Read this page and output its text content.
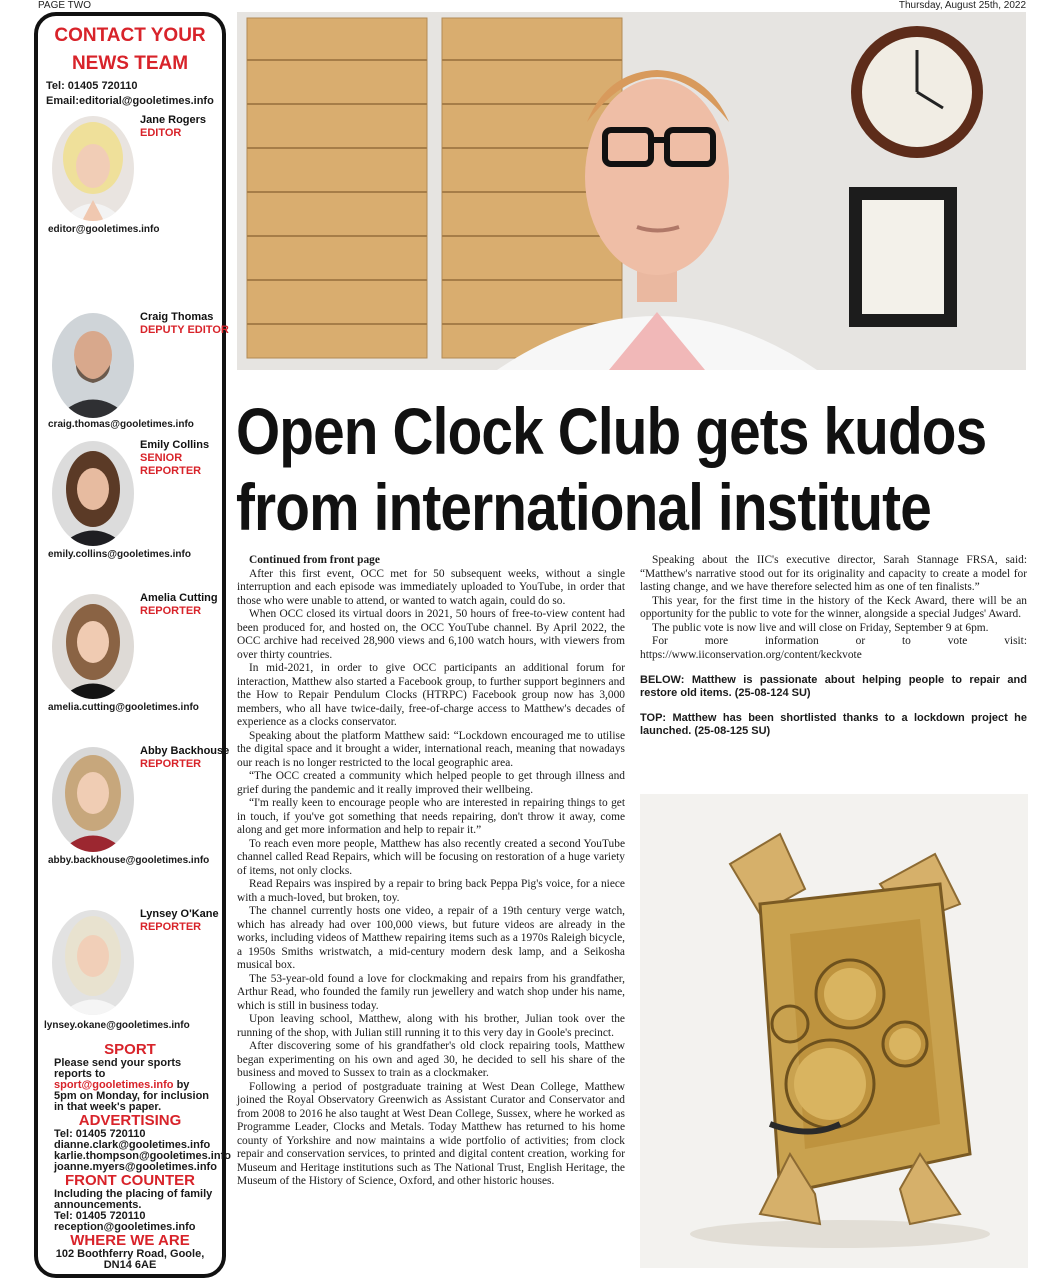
PAGE TWO	Thursday, August 25th, 2022
CONTACT YOUR
NEWS TEAM
Tel: 01405 720110
Email:editorial@gooletimes.info
Jane Rogers
EDITOR
editor@gooletimes.info
Craig Thomas
DEPUTY EDITOR
craig.thomas@gooletimes.info
Emily Collins
SENIOR REPORTER
emily.collins@gooletimes.info
Amelia Cutting
REPORTER
amelia.cutting@gooletimes.info
Abby Backhouse
REPORTER
abby.backhouse@gooletimes.info
Lynsey O'Kane
REPORTER
lynsey.okane@gooletimes.info
SPORT
Please send your sports reports to sport@gooletimes.info by 5pm on Monday, for inclusion in that week's paper.
ADVERTISING
Tel: 01405 720110
dianne.clark@gooletimes.info
karlie.thompson@gooletimes.info
joanne.myers@gooletimes.info
FRONT COUNTER
Including the placing of family announcements.
Tel: 01405 720110
reception@gooletimes.info
WHERE WE ARE
102 Boothferry Road, Goole, DN14 6AE
Open Clock Club gets kudos
from international institute

Continued from front page

After this first event, OCC met for 50 subsequent weeks, without a single interruption and each episode was immediately uploaded to YouTube, in order that those who were unable to attend, or wanted to watch again, could do so.

When OCC closed its virtual doors in 2021, 50 hours of free-to-view content had been produced for, and hosted on, the OCC YouTube channel. By April 2022, the OCC archive had received 28,900 views and 6,100 watch hours, with viewers from over thirty countries.

In mid-2021, in order to give OCC participants an additional forum for interaction, Matthew also started a Facebook group, to further support beginners and the How to Repair Pendulum Clocks (HTRPC) Facebook group now has 3,000 members, who all have twice-daily, free-of-charge access to Matthew's decades of experience as a clocks conservator.

Speaking about the platform Matthew said: “Lockdown encouraged me to utilise the digital space and it brought a wider, international reach, meaning that nowadays our reach is no longer restricted to the local geographic area.

“The OCC created a community which helped people to get through illness and grief during the pandemic and it really improved their wellbeing.

“I'm really keen to encourage people who are interested in repairing things to get in touch, if you've got something that needs repairing, don't throw it away, come along and get more information and help to repair it.”

To reach even more people, Matthew has also recently created a second YouTube channel called Read Repairs, which will be focusing on restoration of a huge variety of items, not only clocks.

Read Repairs was inspired by a repair to bring back Peppa Pig's voice, for a niece with a much-loved, but broken, toy.

The channel currently hosts one video, a repair of a 19th century verge watch, which has already had over 100,000 views, but future videos are already in the works, including videos of Matthew repairing items such as a 1970s Raleigh bicycle, a 1950s Smiths wristwatch, a mid-century modern desk lamp, and a Seikosha musical box.

The 53-year-old found a love for clockmaking and repairs from his grandfather, Arthur Read, who founded the family run jewellery and watch shop under his name, which is still in business today.

Upon leaving school, Matthew, along with his brother, Julian took over the running of the shop, with Julian still running it to this very day in Goole's precinct.

After discovering some of his grandfather's old clock repairing tools, Matthew began experimenting on his own and aged 30, he decided to sell his share of the business and moved to Sussex to train as a clockmaker.

Following a period of postgraduate training at West Dean College, Matthew joined the Royal Observatory Greenwich as Assistant Curator and Conservator and from 2008 to 2016 he also taught at West Dean College, Sussex, where he worked as Programme Leader, Clocks and Metals. Today Matthew has returned to his home county of Yorkshire and now maintains a wide portfolio of activities; from clock repair and conservation services, to printed and digital content creation, working for Museum and Heritage institutions such as The National Trust, English Heritage, the Museum of the History of Science, Oxford, and other historic houses.

Speaking about the IIC's executive director, Sarah Stannage FRSA, said: “Matthew's narrative stood out for its originality and capacity to create a model for lasting change, and we have therefore selected him as one of ten finalists.”

This year, for the first time in the history of the Keck Award, there will be an opportunity for the public to vote for the winner, alongside a special Judges' Award.

The public vote is now live and will close on Friday, September 9 at 6pm.

For more information or to vote visit: https://www.iiconservation.org/content/keckvote

BELOW: Matthew is passionate about helping people to repair and restore old items. (25-08-124 SU)
TOP: Matthew has been shortlisted thanks to a lockdown project he launched. (25-08-125 SU)
